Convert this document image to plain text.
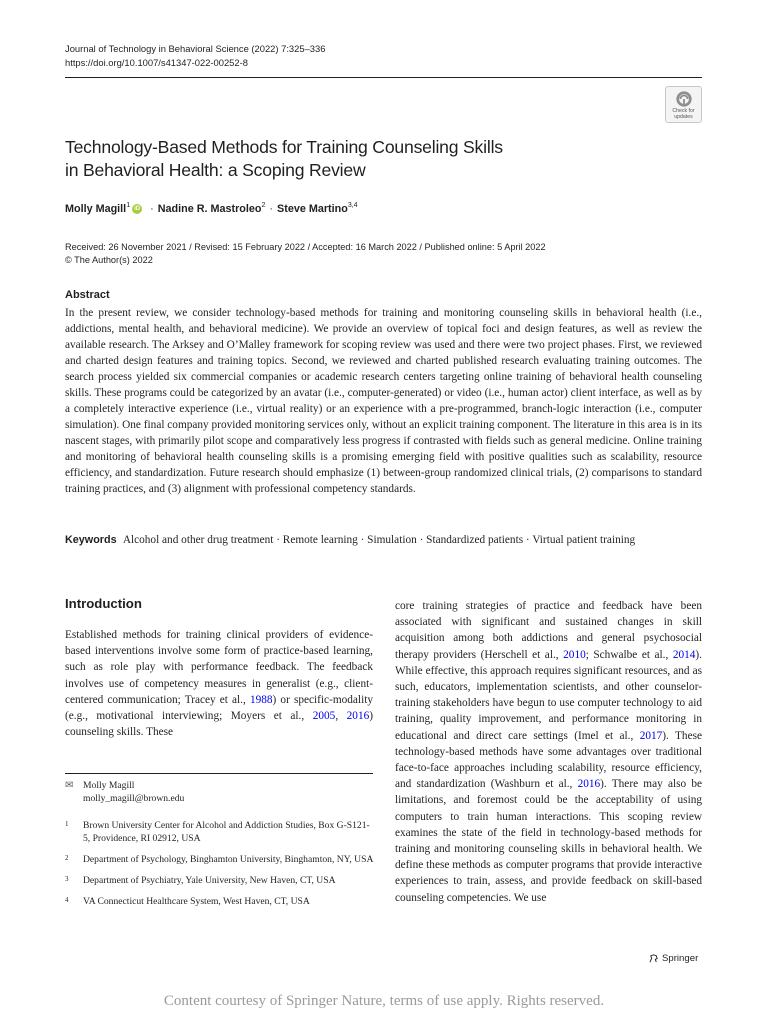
Journal of Technology in Behavioral Science (2022) 7:325–336
https://doi.org/10.1007/s41347-022-00252-8
Check for
updates
Technology-Based Methods for Training Counseling Skills
in Behavioral Health: a Scoping Review
Molly Magill$^1$
iD · Nadine R. Mastroleo$^2$ · Steve Martino$^{3,4}$
Received: 26 November 2021 / Revised: 15 February 2022 / Accepted: 16 March 2022 / Published online: 5 April 2022
© The Author(s) 2022
Abstract

In the present review, we consider technology-based methods for training and monitoring counseling skills in behavioral health (i.e., addictions, mental health, and behavioral medicine). We provide an overview of topical foci and design features, as well as review the available research. The Arksey and O’Malley framework for scoping review was used and there were two project phases. First, we reviewed and charted design features and training topics. Second, we reviewed and charted published research evaluating training outcomes. The search process yielded six commercial companies or academic research centers targeting online training of behavioral health counseling skills. These programs could be categorized by an avatar (i.e., computer-generated) or video (i.e., human actor) client interface, as well as by a completely interactive experience (i.e., virtual reality) or an experience with a pre-programmed, branch-logic interaction (i.e., computer simulation). One final company provided monitoring services only, without an explicit training component. The literature in this area is in its nascent stages, with primarily pilot scope and comparatively less progress if contrasted with fields such as general medicine. Online training and monitoring of behavioral health counseling skills is a promising emerging field with positive qualities such as scalability, resource efficiency, and standardization. Future research should emphasize (1) between-group randomized clinical trials, (2) comparisons to standard training practices, and (3) alignment with professional competency standards.

Keywords Alcohol and other drug treatment · Remote learning · Simulation · Standardized patients · Virtual patient training
Introduction

Established methods for training clinical providers of evidence-based interventions involve some form of practice-based learning, such as role play with performance feedback. The feedback involves use of competency measures in generalist (e.g., client-centered communication; Tracey et al., 1988) or specific-modality (e.g., motivational interviewing; Moyers et al., 2005, 2016) counseling skills. These

✉ Molly Magill
molly_magill@brown.edu
1	Brown University Center for Alcohol and Addiction Studies, Box G-S121-5, Providence, RI 02912, USA
2	Department of Psychology, Binghamton University, Binghamton, NY, USA
3	Department of Psychiatry, Yale University, New Haven, CT, USA
4	VA Connecticut Healthcare System, West Haven, CT, USA

core training strategies of practice and feedback have been associated with significant and sustained changes in skill acquisition among both addictions and general psychosocial therapy providers (Herschell et al., 2010; Schwalbe et al., 2014). While effective, this approach requires significant resources, and as such, educators, implementation scientists, and other counselor-training stakeholders have begun to use computer technology to aid training, quality improvement, and performance monitoring in educational and direct care settings (Imel et al., 2017). These technology-based methods have some advantages over traditional face-to-face approaches including scalability, resource efficiency, and standardization (Washburn et al., 2016). There may also be limitations, and foremost could be the acceptability of using computers to train human interactions. This scoping review examines the state of the field in technology-based methods for training and monitoring counseling skills in behavioral health. We define these methods as computer programs that provide interactive experiences to train, assess, and provide feedback on skill-based counseling competencies. We use

Springer
Content courtesy of Springer Nature, terms of use apply. Rights reserved.
